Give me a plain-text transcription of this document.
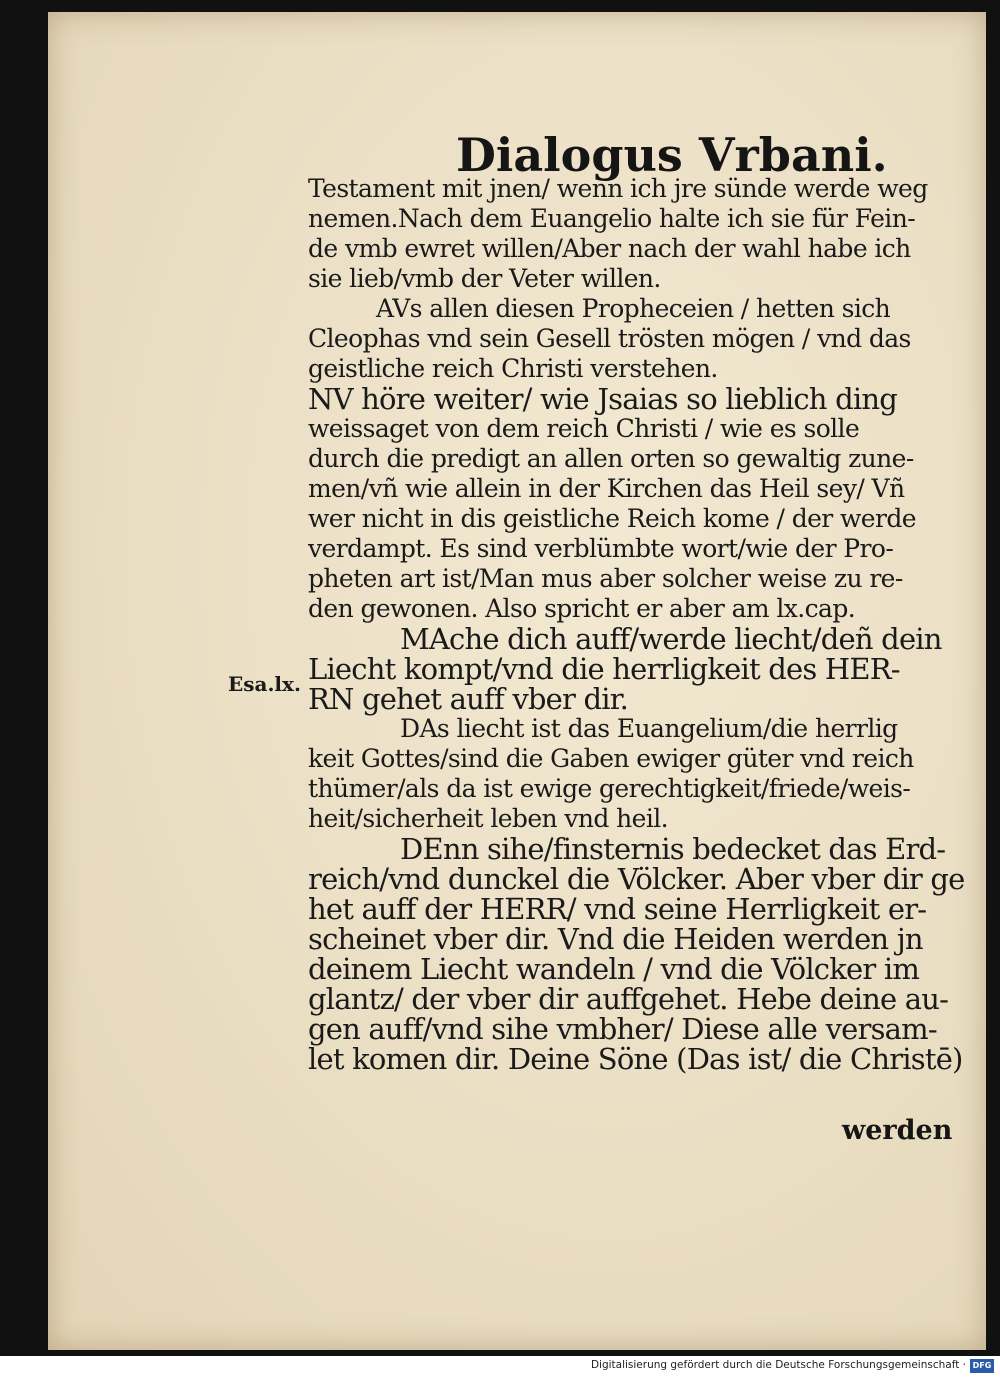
Dialogus Vrbani.
Esa.lx.
Testament mit jnen/ wenn ich jre sünde werde weg
nemen.Nach dem Euangelio halte ich sie für Fein-
de vmb ewret willen/Aber nach der wahl habe ich
sie lieb/vmb der Veter willen.
AVs allen diesen Propheceien / hetten sich
Cleophas vnd sein Gesell trösten mögen / vnd das
geistliche reich Christi verstehen.
NV höre weiter/ wie Jsaias so lieblich ding
weissaget von dem reich Christi / wie es solle
durch die predigt an allen orten so gewaltig zune-
men/vñ wie allein in der Kirchen das Heil sey/ Vñ
wer nicht in dis geistliche Reich kome / der werde
verdampt. Es sind verblümbte wort/wie der Pro-
pheten art ist/Man mus aber solcher weise zu re-
den gewonen. Also spricht er aber am lx.cap.
MAche dich auff/werde liecht/deñ dein
Liecht kompt/vnd die herrligkeit des HER-
RN gehet auff vber dir.
DAs liecht ist das Euangelium/die herrlig
keit Gottes/sind die Gaben ewiger güter vnd reich
thümer/als da ist ewige gerechtigkeit/friede/weis-
heit/sicherheit leben vnd heil.
DEnn sihe/finsternis bedecket das Erd-
reich/vnd dunckel die Völcker. Aber vber dir ge
het auff der HERR/ vnd seine Herrligkeit er-
scheinet vber dir. Vnd die Heiden werden jn
deinem Liecht wandeln / vnd die Völcker im
glantz/ der vber dir auffgehet. Hebe deine au-
gen auff/vnd sihe vmbher/ Diese alle versam-
let komen dir. Deine Söne (Das ist/ die Christē)
werden
Digitalisierung gefördert durch die Deutsche Forschungsgemeinschaft · DFG
